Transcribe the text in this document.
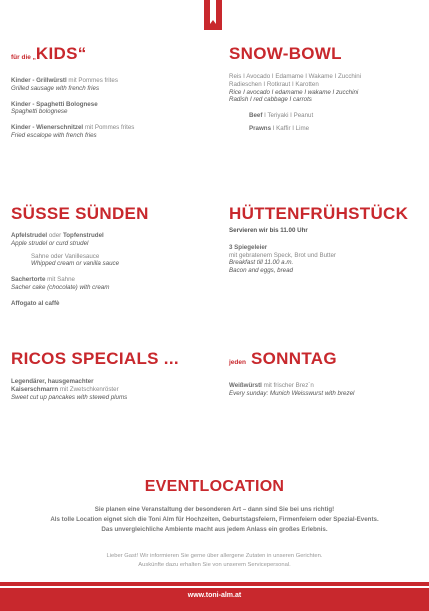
für die „KIDS“
Kinder - Grillwürstl mit Pommes frites
Grilled sausage with french fries
Kinder - Spaghetti Bolognese
Spaghetti bolognese
Kinder - Wienerschnitzel mit Pommes frites
Fried escalope with french fries
SNOW-BOWL
Reis I Avocado I Edamame I Wakame I Zucchini
Radieschen I Rotkraut I Karotten
Rice I avocado I edamame I wakame I zucchini
Radish I red cabbage I carrots
Beef I Teriyaki I Peanut
Prawns I Kaffir I Lime
SÜSSE SÜNDEN
Apfelstrudel oder Topfenstrudel
Apple strudel or curd strudel
Sahne oder Vanillesauce
Whipped cream or vanilla sauce
Sachertorte mit Sahne
Sacher cake (chocolate) with cream
Affogato al caffè
HÜTTENFRÜHSTÜCK
Servieren wir bis 11.00 Uhr
3 Spiegeleier
mit gebratenem Speck, Brot und Butter
Breakfast till 11.00 a.m.
Bacon and eggs, bread
RICOS SPECIALS ...
Legendärer, hausgemachter
Kaiserschmarrn mit Zwetschkenröster
Sweet cut up pancakes with stewed plums
jeden SONNTAG
Weißwürstl mit frischer Brez´n
Every sunday: Munich Weisswurst with brezel
EVENTLOCATION
Sie planen eine Veranstaltung der besonderen Art – dann sind Sie bei uns richtig!
Als tolle Location eignet sich die Toni Alm für Hochzeiten, Geburtstagsfeiern, Firmenfeiern oder Spezial-Events.
Das unvergleichliche Ambiente macht aus jedem Anlass ein großes Erlebnis.
Lieber Gast! Wir informieren Sie gerne über allergene Zutaten in unseren Gerichten.
Auskünfte dazu erhalten Sie von unserem Servicepersonal.
www.toni-alm.at
